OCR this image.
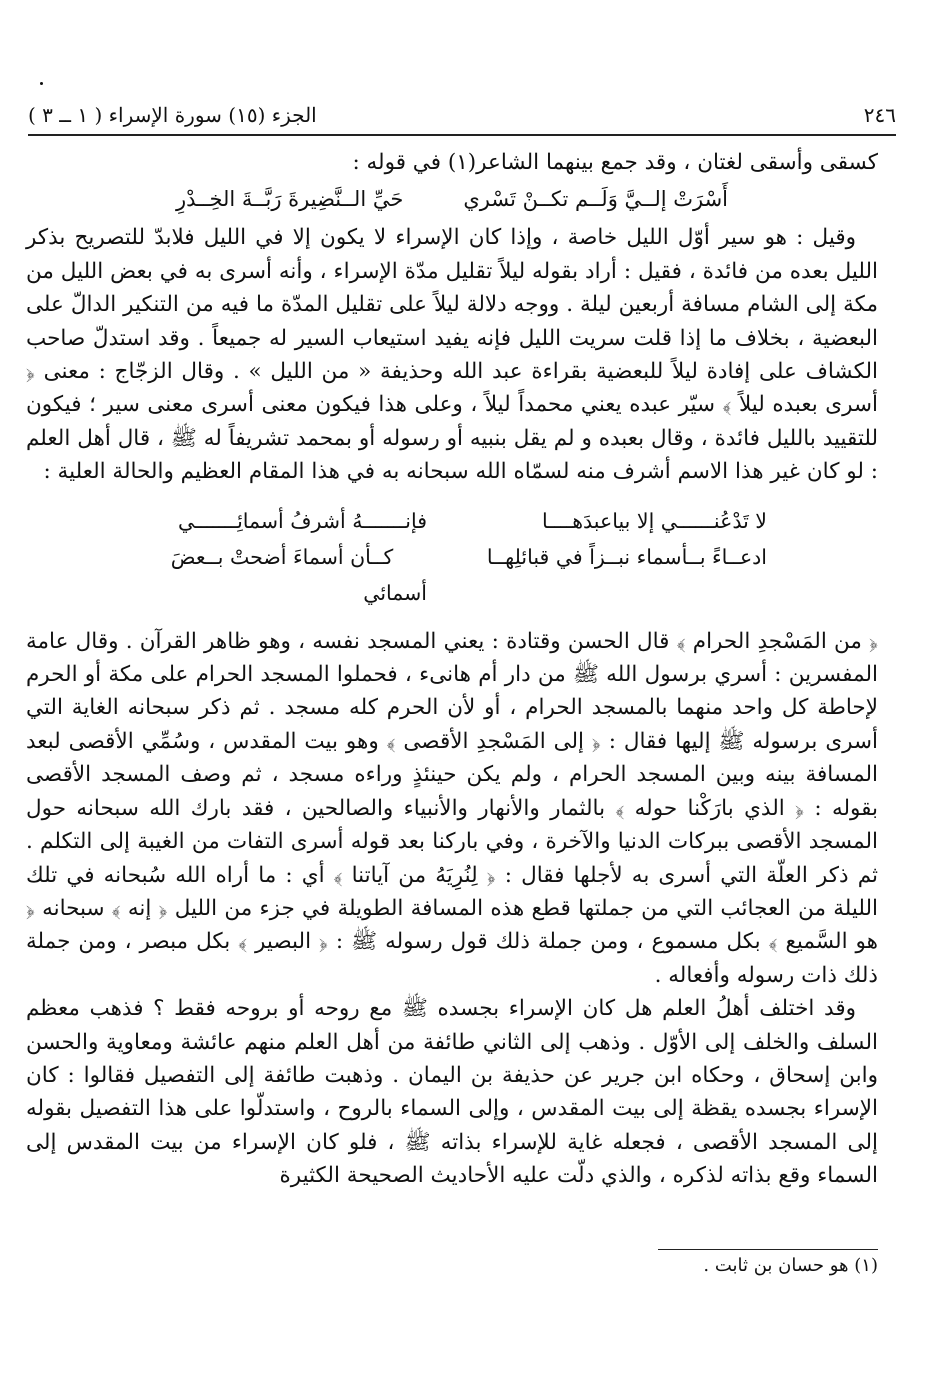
٢٤٦
الجزء (١٥) سورة الإسراء ( ١ ــ ٣ )

كسقى وأسقى لغتان ، وقد جمع بينهما الشاعر(١) في قوله :

أَسْرَتْ إلــيَّ وَلَــم تكــنْ تَسْري
حَيِّ الــنَّضِيرةَ رَبَّــةَ الخِــدْرِ

وقيل : هو سير أوّل الليل خاصة ، وإذا كان الإسراء لا يكون إلا في الليل فلابدّ للتصريح بذكر الليل بعده من فائدة ، فقيل : أراد بقوله ليلاً تقليل مدّة الإسراء ، وأنه أسرى به في بعض الليل من مكة إلى الشام مسافة أربعين ليلة . ووجه دلالة ليلاً على تقليل المدّة ما فيه من التنكير الدالّ على البعضية ، بخلاف ما إذا قلت سريت الليل فإنه يفيد استيعاب السير له جميعاً . وقد استدلّ صاحب الكشاف على إفادة ليلاً للبعضية بقراءة عبد الله وحذيفة « من الليل » . وقال الزجّاج : معنى ﴿ أسرى بعبده ليلاً ﴾ سيّر عبده يعني محمداً ليلاً ، وعلى هذا فيكون معنى أسرى معنى سير ؛ فيكون للتقييد بالليل فائدة ، وقال بعبده و لم يقل بنبيه أو رسوله أو بمحمد تشريفاً له ﷺ ، قال أهل العلم : لو كان غير هذا الاسم أشرف منه لسمّاه الله سبحانه به في هذا المقام العظيم والحالة العلية :

لا تَدْعُنــــــي إلا بياعبدَهــــا
فإنـــــــهُ أشرفُ أسمائِـــــــي
ادعــاءً بــأسماء نبــزاً في قبائلِهــا
كــأن أسماءَ أضحتْ بــعضَ أسمائي

﴿ من المَسْجدِ الحرام ﴾ قال الحسن وقتادة : يعني المسجد نفسه ، وهو ظاهر القرآن . وقال عامة المفسرين : أسري برسول الله ﷺ من دار أم هانىء ، فحملوا المسجد الحرام على مكة أو الحرم لإحاطة كل واحد منهما بالمسجد الحرام ، أو لأن الحرم كله مسجد . ثم ذكر سبحانه الغاية التي أسرى برسوله ﷺ إليها فقال : ﴿ إلى المَسْجدِ الأقصى ﴾ وهو بيت المقدس ، وسُمِّي الأقصى لبعد المسافة بينه وبين المسجد الحرام ، ولم يكن حينئذٍ وراءه مسجد ، ثم وصف المسجد الأقصى بقوله : ﴿ الذي بارَكْنا حوله ﴾ بالثمار والأنهار والأنبياء والصالحين ، فقد بارك الله سبحانه حول المسجد الأقصى ببركات الدنيا والآخرة ، وفي باركنا بعد قوله أسرى التفات من الغيبة إلى التكلم . ثم ذكر العلّة التي أسرى به لأجلها فقال : ﴿ لِنُرِيَهُ من آياتنا ﴾ أي : ما أراه الله سُبحانه في تلك الليلة من العجائب التي من جملتها قطع هذه المسافة الطويلة في جزء من الليل ﴿ إنه ﴾ سبحانه ﴿ هو السَّميع ﴾ بكل مسموع ، ومن جملة ذلك قول رسوله ﷺ : ﴿ البصير ﴾ بكل مبصر ، ومن جملة ذلك ذات رسوله وأفعاله .

وقد اختلف أهلُ العلم هل كان الإسراء بجسده ﷺ مع روحه أو بروحه فقط ؟ فذهب معظم السلف والخلف إلى الأوّل . وذهب إلى الثاني طائفة من أهل العلم منهم عائشة ومعاوية والحسن وابن إسحاق ، وحكاه ابن جرير عن حذيفة بن اليمان . وذهبت طائفة إلى التفصيل فقالوا : كان الإسراء بجسده يقظة إلى بيت المقدس ، وإلى السماء بالروح ، واستدلّوا على هذا التفصيل بقوله إلى المسجد الأقصى ، فجعله غاية للإسراء بذاته ﷺ ، فلو كان الإسراء من بيت المقدس إلى السماء وقع بذاته لذكره ، والذي دلّت عليه الأحاديث الصحيحة الكثيرة

(١) هو حسان بن ثابت .
